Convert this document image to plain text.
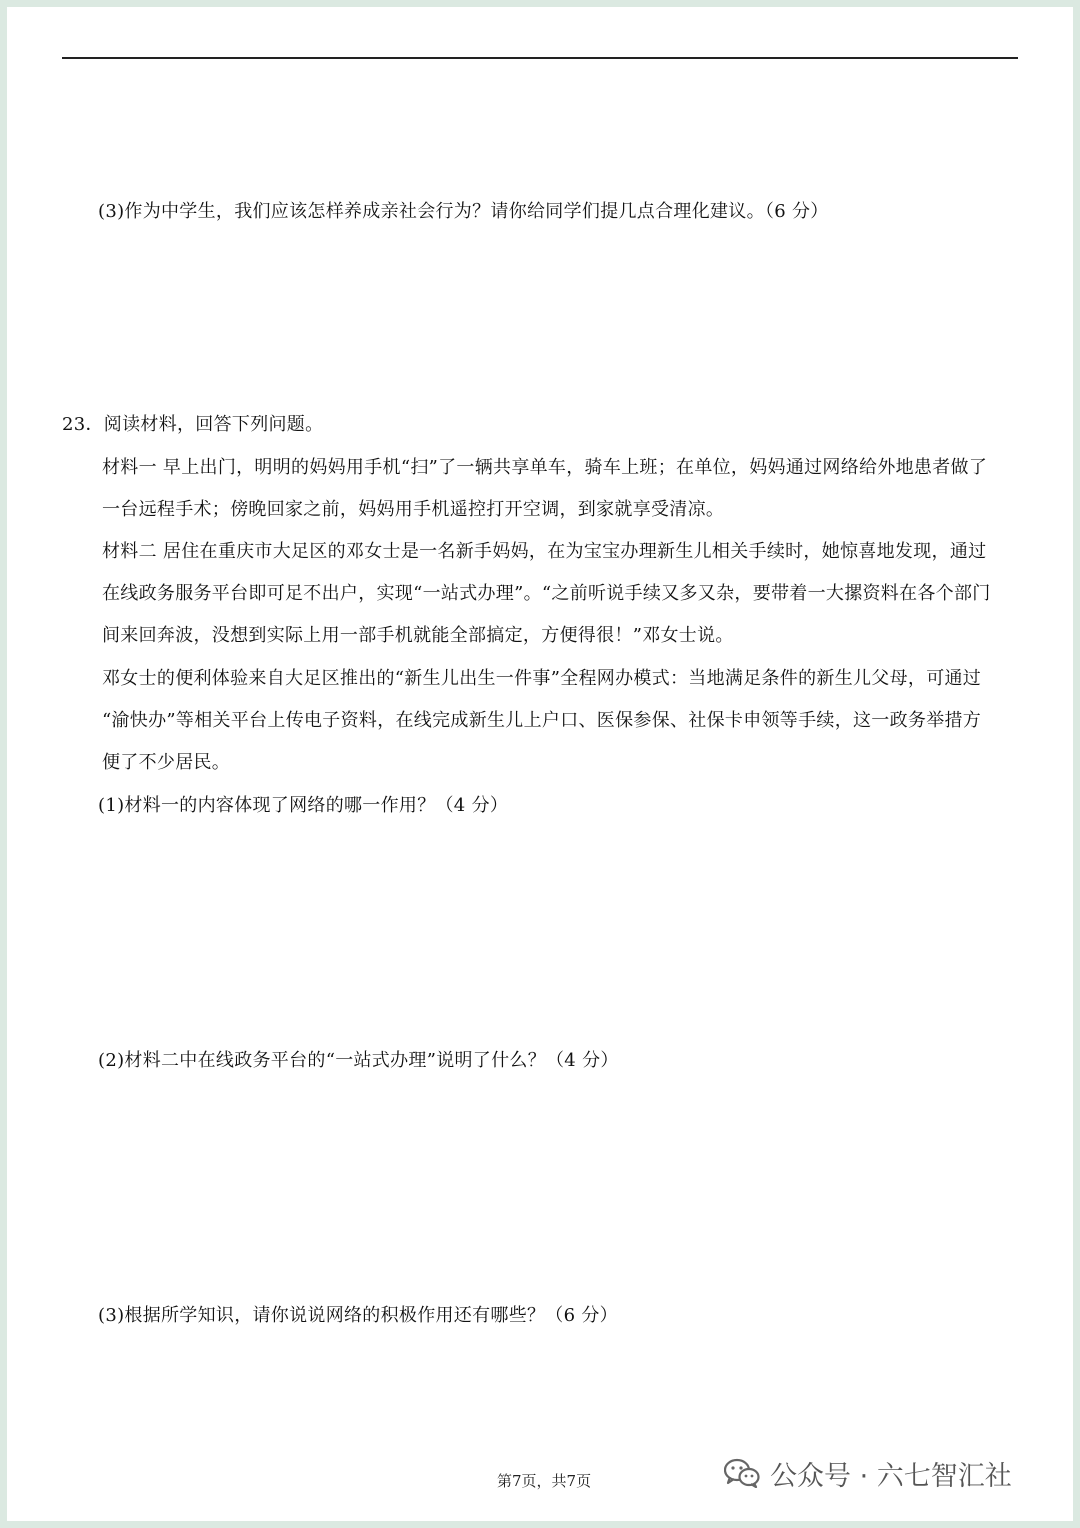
(3)作为中学生，我们应该怎样养成亲社会行为？请你给同学们提几点合理化建议。（6 分）
23．阅读材料，回答下列问题。
材料一 早上出门，明明的妈妈用手机“扫”了一辆共享单车，骑车上班；在单位，妈妈通过网络给外地患者做了
一台远程手术；傍晚回家之前，妈妈用手机遥控打开空调，到家就享受清凉。
材料二 居住在重庆市大足区的邓女士是一名新手妈妈，在为宝宝办理新生儿相关手续时，她惊喜地发现，通过
在线政务服务平台即可足不出户，实现“一站式办理”。“之前听说手续又多又杂，要带着一大摞资料在各个部门
间来回奔波，没想到实际上用一部手机就能全部搞定，方便得很！”邓女士说。
邓女士的便利体验来自大足区推出的“新生儿出生一件事”全程网办模式：当地满足条件的新生儿父母，可通过
“渝快办”等相关平台上传电子资料，在线完成新生儿上户口、医保参保、社保卡申领等手续，这一政务举措方
便了不少居民。
(1)材料一的内容体现了网络的哪一作用？（4 分）
(2)材料二中在线政务平台的“一站式办理”说明了什么？（4 分）
(3)根据所学知识，请你说说网络的积极作用还有哪些？（6 分）
第7页，共7页	公众号 · 六七智汇社
